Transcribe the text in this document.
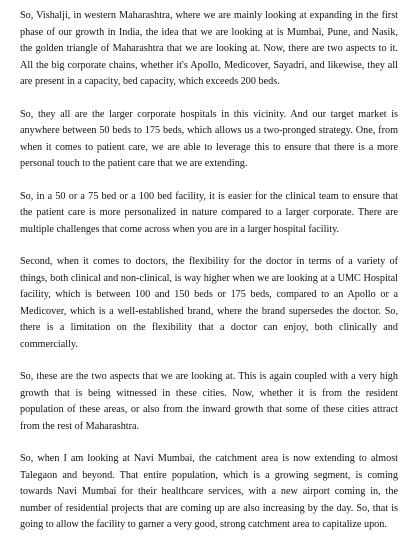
So, Vishalji, in western Maharashtra, where we are mainly looking at expanding in the first phase of our growth in India, the idea that we are looking at is Mumbai, Pune, and Nasik, the golden triangle of Maharashtra that we are looking at. Now, there are two aspects to it. All the big corporate chains, whether it's Apollo, Medicover, Sayadri, and likewise, they all are present in a capacity, bed capacity, which exceeds 200 beds.

So, they all are the larger corporate hospitals in this vicinity. And our target market is anywhere between 50 beds to 175 beds, which allows us a two-pronged strategy. One, from when it comes to patient care, we are able to leverage this to ensure that there is a more personal touch to the patient care that we are extending.

So, in a 50 or a 75 bed or a 100 bed facility, it is easier for the clinical team to ensure that the patient care is more personalized in nature compared to a larger corporate. There are multiple challenges that come across when you are in a larger hospital facility.

Second, when it comes to doctors, the flexibility for the doctor in terms of a variety of things, both clinical and non-clinical, is way higher when we are looking at a UMC Hospital facility, which is between 100 and 150 beds or 175 beds, compared to an Apollo or a Medicover, which is a well-established brand, where the brand supersedes the doctor. So, there is a limitation on the flexibility that a doctor can enjoy, both clinically and commercially.

So, these are the two aspects that we are looking at. This is again coupled with a very high growth that is being witnessed in these cities. Now, whether it is from the resident population of these areas, or also from the inward growth that some of these cities attract from the rest of Maharashtra.

So, when I am looking at Navi Mumbai, the catchment area is now extending to almost Talegaon and beyond. That entire population, which is a growing segment, is coming towards Navi Mumbai for their healthcare services, with a new airport coming in, the number of residential projects that are coming up are also increasing by the day. So, that is going to allow the facility to garner a very good, strong catchment area to capitalize upon.
